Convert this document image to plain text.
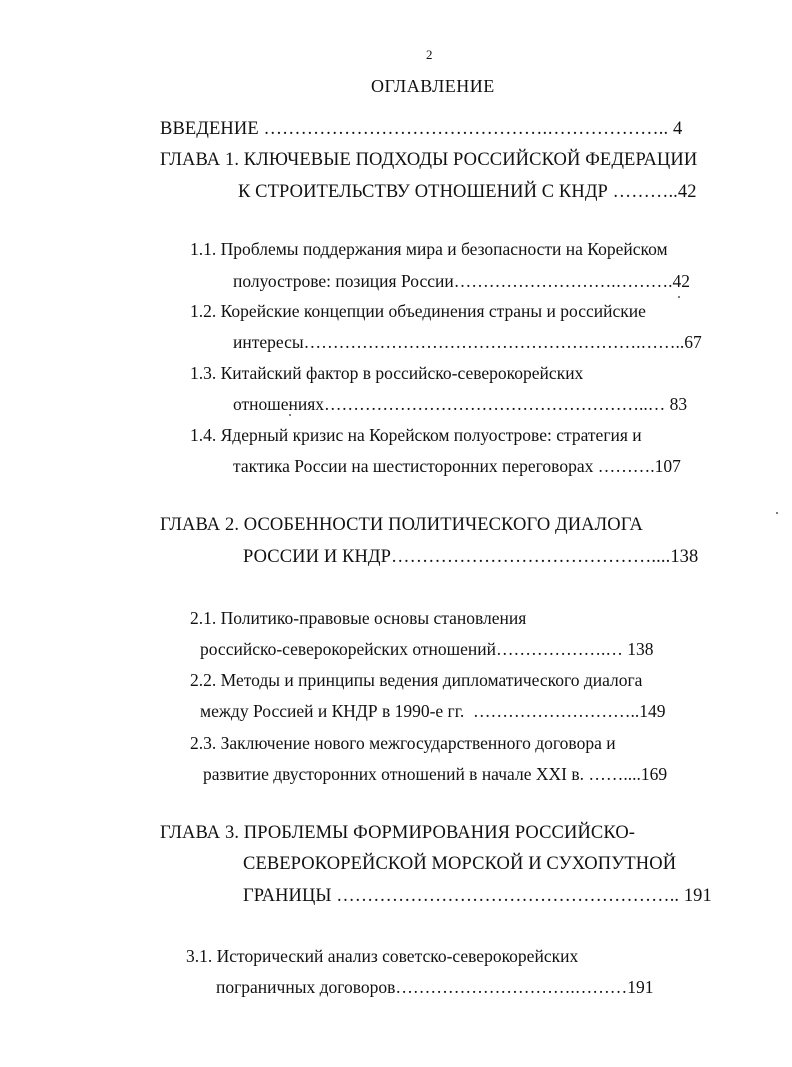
2
ОГЛАВЛЕНИЕ
ВВЕДЕНИЕ ……………………………………….……………….. 4
ГЛАВА 1. КЛЮЧЕВЫЕ ПОДХОДЫ РОССИЙСКОЙ ФЕДЕРАЦИИ
К СТРОИТЕЛЬСТВУ ОТНОШЕНИЙ С КНДР ………..42
1.1. Проблемы поддержания мира и безопасности на Корейском
полуострове: позиция России……………………….……….42
1.2. Корейские концепции объединения страны и российские
интересы………………………………………………….……..67
1.3. Китайский фактор в российско-северокорейских
отношениях………………………………………………..… 83
1.4. Ядерный кризис на Корейском полуострове: стратегия и
тактика России на шестисторонних переговорах ……….107
ГЛАВА 2. ОСОБЕННОСТИ ПОЛИТИЧЕСКОГО ДИАЛОГА
РОССИИ И КНДР……………………………………....138
2.1. Политико-правовые основы становления
российско-северокорейских отношений……………….… 138
2.2. Методы и принципы ведения дипломатического диалога
между Россией и КНДР в 1990-е гг.  ………………………..149
2.3. Заключение нового межгосударственного договора и
развитие двусторонних отношений в начале XXI в. ……....169
ГЛАВА 3. ПРОБЛЕМЫ ФОРМИРОВАНИЯ РОССИЙСКО-
СЕВЕРОКОРЕЙСКОЙ МОРСКОЙ И СУХОПУТНОЙ
ГРАНИЦЫ ……………………………………………….. 191
3.1. Исторический анализ советско-северокорейских
пограничных договоров………………………….………191
